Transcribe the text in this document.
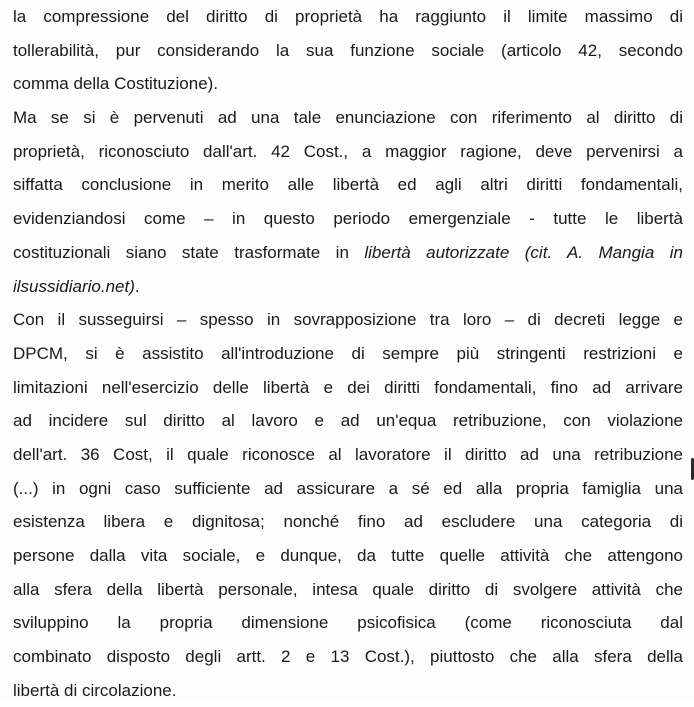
la compressione del diritto di proprietà ha raggiunto il limite massimo di
tollerabilità, pur considerando la sua funzione sociale (articolo 42, secondo
comma della Costituzione).
Ma se si è pervenuti ad una tale enunciazione con riferimento al diritto di
proprietà, riconosciuto dall'art. 42 Cost., a maggior ragione, deve pervenirsi a
siffatta conclusione in merito alle libertà ed agli altri diritti fondamentali,
evidenziandosi come – in questo periodo emergenziale - tutte le libertà
costituzionali siano state trasformate in libertà autorizzate (cit. A. Mangia in
ilsussidiario.net).
Con il susseguirsi – spesso in sovrapposizione tra loro – di decreti legge e
DPCM, si è assistito all'introduzione di sempre più stringenti restrizioni e
limitazioni nell'esercizio delle libertà e dei diritti fondamentali, fino ad arrivare
ad incidere sul diritto al lavoro e ad un'equa retribuzione, con violazione
dell'art. 36 Cost, il quale riconosce al lavoratore il diritto ad una retribuzione
(...) in ogni caso sufficiente ad assicurare a sé ed alla propria famiglia una
esistenza libera e dignitosa; nonché fino ad escludere una categoria di
persone dalla vita sociale, e dunque, da tutte quelle attività che attengono
alla sfera della libertà personale, intesa quale diritto di svolgere attività che
sviluppino la propria dimensione psicofisica (come riconosciuta dal
combinato disposto degli artt. 2 e 13 Cost.), piuttosto che alla sfera della
libertà di circolazione.
